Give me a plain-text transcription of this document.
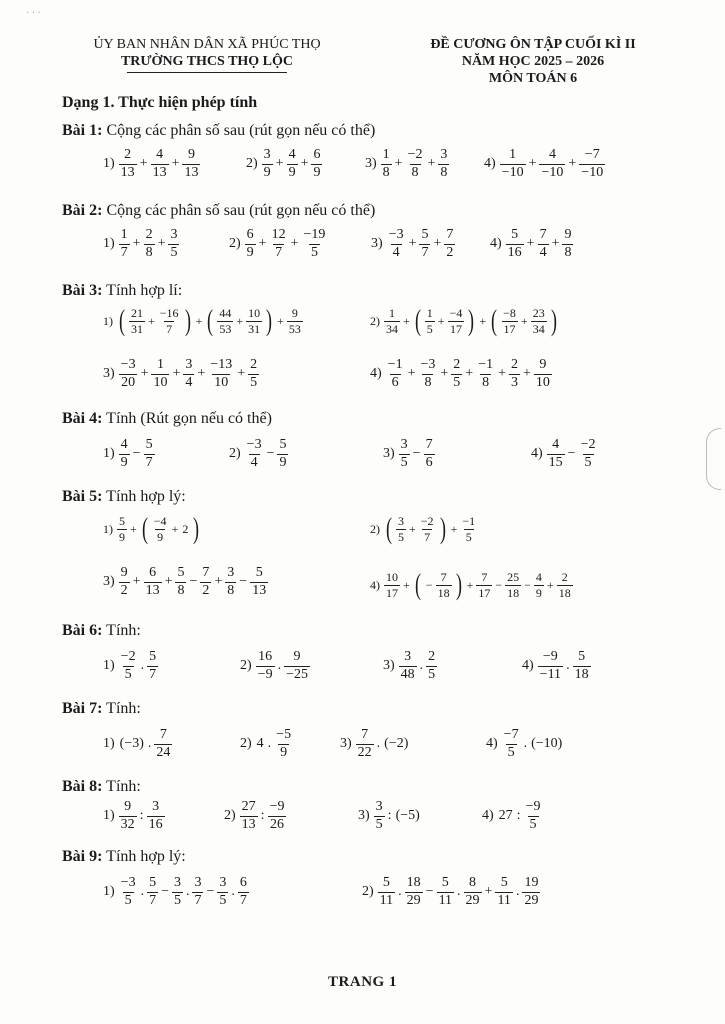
· ‧ ·
ỦY BAN NHÂN DÂN XÃ PHÚC THỌ
TRƯỜNG THCS THỌ LỘC
ĐỀ CƯƠNG ÔN TẬP CUỐI KÌ II
NĂM HỌC 2025 – 2026
MÔN TOÁN 6
Dạng 1. Thực hiện phép tính
Bài 1: Cộng các phân số sau (rút gọn nếu có thể)
$1) \frac{2}{13} + \frac{4}{13} + \frac{9}{13}$	$2) \frac{3}{9} + \frac{4}{9} + \frac{6}{9}$	$3) \frac{1}{8} + \frac{-2}{8} + \frac{3}{8} 4) \frac{1}{-10} + \frac{4}{-10} + \frac{-7}{-10}$
Bài 2: Cộng các phân số sau (rút gọn nếu có thể)
$1) \frac{1}{7} + \frac{2}{8} + \frac{3}{5}$	$2) \frac{6}{9} + \frac{12}{7} + \frac{-19}{5}$	$3) \frac{-3}{4} + \frac{5}{7} + \frac{7}{2} 4) \frac{5}{16} + \frac{7}{4} + \frac{9}{8}$
Bài 3: Tính hợp lí:
1) ( $\frac{21}{31} + \frac{-16}{7}$ ) + ( $\frac{44}{53} + \frac{10}{31}$ ) + $\frac{9}{53}$	$2) \frac{1}{34}$ + ( $\frac{1}{5} + \frac{-4}{17}$ ) + ( $\frac{-8}{17} + \frac{23}{34}$ )
$3) \frac{-3}{20} + \frac{1}{10} + \frac{3}{4} + \frac{-13}{10} + \frac{2}{5}$	$4) \frac{-1}{6} + \frac{-3}{8} + \frac{2}{5} + \frac{-1}{8} + \frac{2}{3} + \frac{9}{10}$
Bài 4: Tính (Rút gọn nếu có thể)
$1) \frac{4}{9} - \frac{5}{7}$	$2) \frac{-3}{4} - \frac{5}{9}$	$3) \frac{3}{5} - \frac{7}{6}$	$4) \frac{4}{15} - \frac{-2}{5}$
Bài 5: Tính hợp lý:
$1) \frac{5}{9}$ + ( $\frac{-4}{9} + 2$ )	2) ( $\frac{3}{5} + \frac{-2}{7}$ ) + $\frac{-1}{5}$
$3) \frac{9}{2} + \frac{6}{13} + \frac{5}{8} - \frac{7}{2} + \frac{3}{8} - \frac{5}{13}$	$4) \frac{10}{17}$ + ( − $\frac{7}{18}$ ) + $\frac{7}{17} - \frac{25}{18} - \frac{4}{9} + \frac{2}{18}$
Bài 6: Tính:
$1) \frac{-2}{5}$ . $\frac{5}{7}$	$2) \frac{16}{-9}$ . $\frac{9}{-25}$	$3) \frac{3}{48}$ . $\frac{2}{5}$	$4) \frac{-9}{-11}$ . $\frac{5}{18}$
Bài 7: Tính:
1) (−3) . $\frac{7}{24}$	2) 4 . $\frac{-5}{9}$	$3) \frac{7}{22}$ . (−2)	$4) \frac{-7}{5}$ . (−10)
Bài 8: Tính:
$1) \frac{9}{32}$ : $\frac{3}{16}$	$2) \frac{27}{13}$ : $\frac{-9}{26}$	$3) \frac{3}{5}$ : (−5)	4) 27 : $\frac{-9}{5}$
Bài 9: Tính hợp lý:
$1) \frac{-3}{5}$ . $\frac{5}{7} - \frac{3}{5}$ . $\frac{3}{7} - \frac{3}{5}$ . $\frac{6}{7}$	$2) \frac{5}{11}$ . $\frac{18}{29} - \frac{5}{11}$ . $\frac{8}{29} + \frac{5}{11}$ . $\frac{19}{29}$
TRANG 1
